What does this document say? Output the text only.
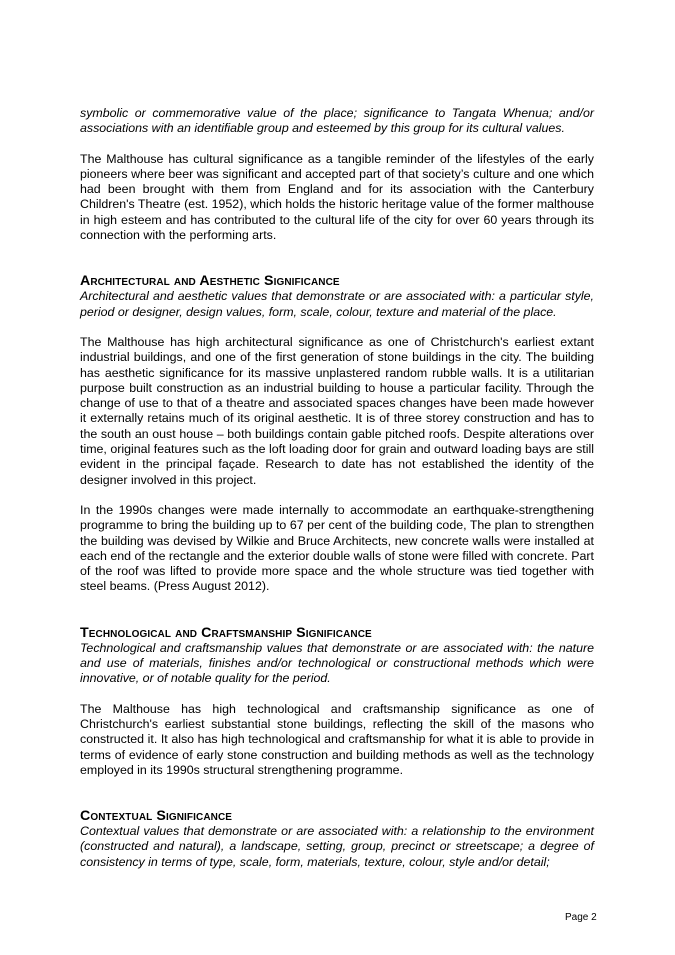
symbolic or commemorative value of the place; significance to Tangata Whenua; and/or associations with an identifiable group and esteemed by this group for its cultural values.

The Malthouse has cultural significance as a tangible reminder of the lifestyles of the early pioneers where beer was significant and accepted part of that society’s culture and one which had been brought with them from England and for its association with the Canterbury Children's Theatre (est. 1952), which holds the historic heritage value of the former malthouse in high esteem and has contributed to the cultural life of the city for over 60 years through its connection with the performing arts.

Architectural and Aesthetic Significance

Architectural and aesthetic values that demonstrate or are associated with: a particular style, period or designer, design values, form, scale, colour, texture and material of the place.

The Malthouse has high architectural significance as one of Christchurch's earliest extant industrial buildings, and one of the first generation of stone buildings in the city. The building has aesthetic significance for its massive unplastered random rubble walls. It is a utilitarian purpose built construction as an industrial building to house a particular facility. Through the change of use to that of a theatre and associated spaces changes have been made however it externally retains much of its original aesthetic. It is of three storey construction and has to the south an oust house – both buildings contain gable pitched roofs. Despite alterations over time, original features such as the loft loading door for grain and outward loading bays are still evident in the principal façade. Research to date has not established the identity of the designer involved in this project.

In the 1990s changes were made internally to accommodate an earthquake-strengthening programme to bring the building up to 67 per cent of the building code, The plan to strengthen the building was devised by Wilkie and Bruce Architects, new concrete walls were installed at each end of the rectangle and the exterior double walls of stone were filled with concrete. Part of the roof was lifted to provide more space and the whole structure was tied together with steel beams. (Press August 2012).

Technological and Craftsmanship Significance

Technological and craftsmanship values that demonstrate or are associated with: the nature and use of materials, finishes and/or technological or constructional methods which were innovative, or of notable quality for the period.

The Malthouse has high technological and craftsmanship significance as one of Christchurch's earliest substantial stone buildings, reflecting the skill of the masons who constructed it. It also has high technological and craftsmanship for what it is able to provide in terms of evidence of early stone construction and building methods as well as the technology employed in its 1990s structural strengthening programme.

Contextual Significance

Contextual values that demonstrate or are associated with: a relationship to the environment (constructed and natural), a landscape, setting, group, precinct or streetscape; a degree of consistency in terms of type, scale, form, materials, texture, colour, style and/or detail;

Page 2
